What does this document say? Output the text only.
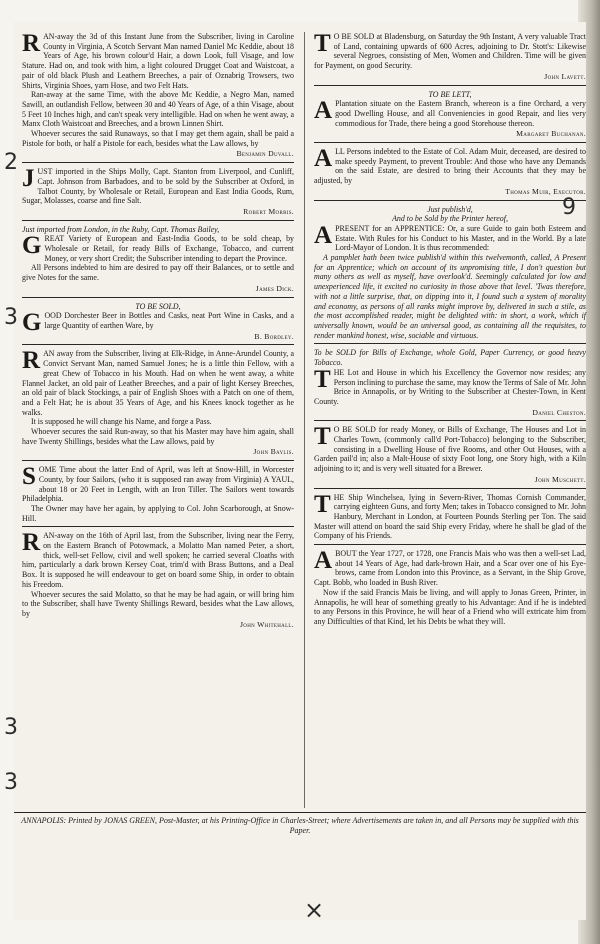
RAN-away the 3d of this Instant June from the Subscriber, living in Caroline County in Virginia, A Scotch Servant Man named Daniel Mc Keddie, about 18 Years of Age, his brown colour'd Hair, a down Look, full Visage, and low Stature. Had on, and took with him, a light coloured Drugget Coat and Waistcoat, a pair of old black Plush and Leathern Breeches, a pair of Oznabrig Trowsers, two Shirts, Virginia Shoes, yarn Hose, and two Felt Hats.

Ran-away at the same Time, with the above Mc Keddie, a Negro Man, named Sawill, an outlandish Fellow, between 30 and 40 Years of Age, of a thin Visage, about 5 Feet 10 Inches high, and can't speak very intelligible. Had on when he went away, a Manx Cloth Waistcoat and Breeches, and a brown Linnen Shirt.

Whoever secures the said Runaways, so that I may get them again, shall be paid a Pistole for both, or half a Pistole for each, besides what the Law allows, by

Benjamin Duvall.

JUST imported in the Ships Molly, Capt. Stanton from Liverpool, and Cunliff, Capt. Johnson from Barbadoes, and to be sold by the Subscriber at Oxford, in Talbot County, by Wholesale or Retail, European and East India Goods, Rum, Sugar, Molasses, coarse and fine Salt.

Robert Morris.

Just imported from London, in the Ruby, Capt. Thomas Bailey,

GREAT Variety of European and East-India Goods, to be sold cheap, by Wholesale or Retail, for ready Bills of Exchange, Tobacco, and current Money, or very short Credit; the Subscriber intending to depart the Province.

All Persons indebted to him are desired to pay off their Balances, or to settle and give Notes for the same.

James Dick.

TO BE SOLD,

GOOD Dorchester Beer in Bottles and Casks, neat Port Wine in Casks, and a large Quantity of earthen Ware, by

B. Bordley.

RAN away from the Subscriber, living at Elk-Ridge, in Anne-Arundel County, a Convict Servant Man, named Samuel Jones; he is a little thin Fellow, with a great Chew of Tobacco in his Mouth. Had on when he went away, a white Flannel Jacket, an old pair of Leather Breeches, and a pair of light Kersey Breeches, an old pair of black Stockings, a pair of English Shoes with a Patch on one of them, and a Felt Hat; he is about 35 Years of Age, and his Knees knock together as he walks.

It is supposed he will change his Name, and forge a Pass.

Whoever secures the said Run-away, so that his Master may have him again, shall have Twenty Shillings, besides what the Law allows, paid by

John Baylis.

SOME Time about the latter End of April, was left at Snow-Hill, in Worcester County, by four Sailors, (who it is supposed ran away from Virginia) A YAUL, about 18 or 20 Feet in Length, with an Iron Tiller. The Sailors went towards Philadelphia.

The Owner may have her again, by applying to Col. John Scarborough, at Snow-Hill.

RAN-away on the 16th of April last, from the Subscriber, living near the Ferry, on the Eastern Branch of Potowmack, a Molatto Man named Peter, a short, thick, well-set Fellow, civil and well spoken; he carried several Cloaths with him, particularly a dark brown Kersey Coat, trim'd with Brass Buttons, and a Deal Box. It is supposed he will endeavour to get on board some Ship, in order to obtain his Freedom.

Whoever secures the said Molatto, so that he may be had again, or will bring him to the Subscriber, shall have Twenty Shillings Reward, besides what the Law allows, by

John Whitehall.

T O BE SOLD at Bladensburg, on Saturday the 9th Instant, A very valuable Tract of Land, containing upwards of 600 Acres, adjoining to Dr. Stott's: Likewise several Negroes, consisting of Men, Women and Children. Time will be given for Payment, on good Security.

John Lavett.

TO BE LETT,

A Plantation situate on the Eastern Branch, whereon is a fine Orchard, a very good Dwelling House, and all Conveniencies in good Repair, and lies very commodious for Trade, there being a good Storehouse thereon.

Margaret Buchanan.

ALL Persons indebted to the Estate of Col. Adam Muir, deceased, are desired to make speedy Payment, to prevent Trouble: And those who have any Demands on the said Estate, are desired to bring their Accounts that they may be adjusted, by

Thomas Muir, Executor.

Just publish'd,

And to be Sold by the Printer hereof,

APRESENT for an APPRENTICE: Or, a sure Guide to gain both Esteem and Estate. With Rules for his Conduct to his Master, and in the World. By a late Lord-Mayor of London. It is thus recommended:

A pamphlet hath been twice publish'd within this twelvemonth, called, A Present for an Apprentice; which on account of its unpromising title, I don't question but many others as well as myself, have overlook'd. Seemingly calculated for low and unexperienced life, it excited no curiosity in those above that level. 'Twas therefore, with not a little surprise, that, on dipping into it, I found such a system of morality and economy, as persons of all ranks might improve by, delivered in such a stile, as the most accomplished reader, might be delighted with: in short, a work, which if universally known, would be an universal good, as containing all the requisites, to render mankind honest, wise, sociable and virtuous.

To be SOLD for Bills of Exchange, whole Gold, Paper Currency, or good heavy Tobacco.

THE Lot and House in which his Excellency the Governor now resides; any Person inclining to purchase the same, may know the Terms of Sale of Mr. John Brice in Annapolis, or by Writing to the Subscriber at Chester-Town, in Kent County.

Daniel Cheston.

T O BE SOLD for ready Money, or Bills of Exchange, The Houses and Lot in Charles Town, (commonly call'd Port-Tobacco) belonging to the Subscriber, consisting in a Dwelling House of five Rooms, and other Out Houses, with a Garden pail'd in; also a Malt-House of sixty Foot long, one Story high, with a Kiln adjoining to it; and is very well situated for a Brewer.

John Muschett.

THE Ship Winchelsea, lying in Severn-River, Thomas Cornish Commander, carrying eighteen Guns, and forty Men; takes in Tobacco consigned to Mr. John Hanbury, Merchant in London, at Fourteen Pounds Sterling per Ton. The said Master will attend on board the said Ship every Friday, where he shall be glad of the Company of his Friends.

ABOUT the Year 1727, or 1728, one Francis Mais who was then a well-set Lad, about 14 Years of Age, had dark-brown Hair, and a Scar over one of his Eye-brows, came from London into this Province, as a Servant, in the Ship Grove, Capt. Bobb, who loaded in Bush River.

Now if the said Francis Mais be living, and will apply to Jonas Green, Printer, in Annapolis, he will hear of something greatly to his Advantage: And if he is indebted to any Persons in this Province, he will hear of a Friend who will extricate him from any Difficulties of that Kind, let his Debts be what they will.

ANNAPOLIS: Printed by JONAS GREEN, Post-Master, at his Printing-Office in Charles-Street; where Advertisements are taken in, and all Persons may be supplied with this Paper.
2
3
3
3
9
×
